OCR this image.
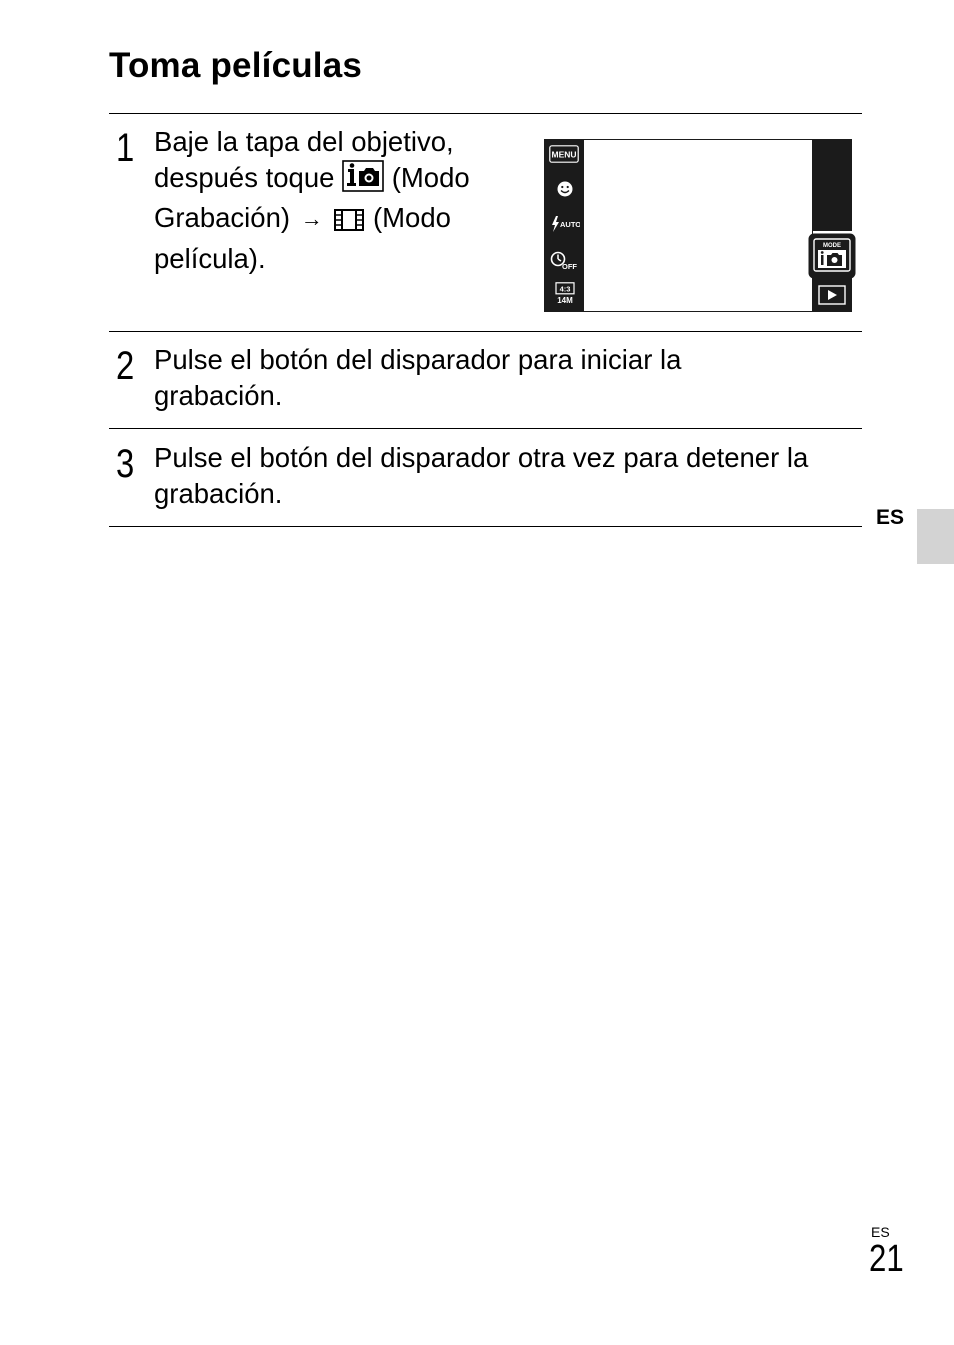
Toma películas
1 Baje la tapa del objetivo,
después toque (Modo
Grabación) → (Modo
película).
MENU
AUTO
OFF
4:3
14M
MODE
2 Pulse el botón del disparador para iniciar la grabación.
3 Pulse el botón del disparador otra vez para detener la grabación.
ES
ES
21
